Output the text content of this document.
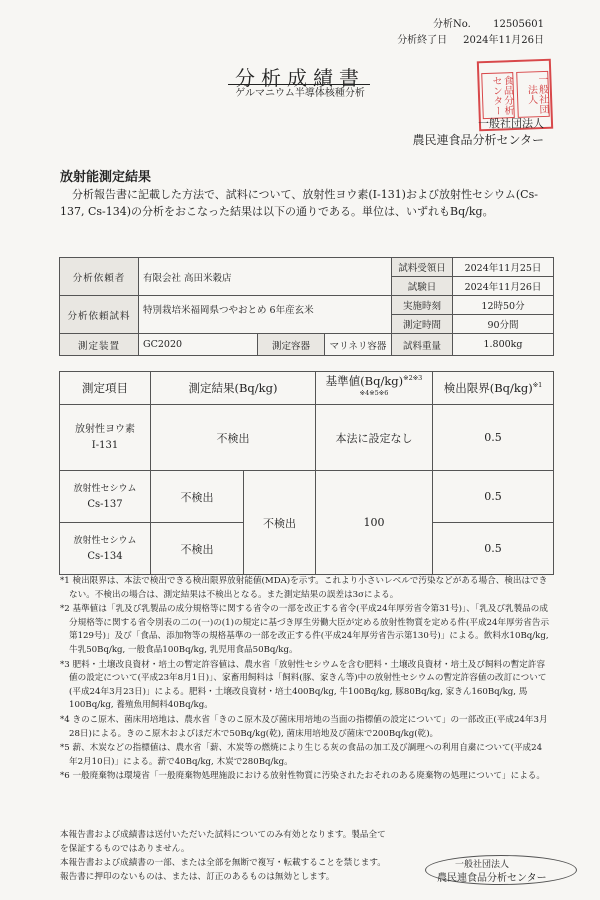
分析No. 12505601
分析終了日 2024年11月26日
分析成績書
ゲルマニウム半導体核種分析	食品分析センター	一般社団法人
一般社団法人
農民連食品分析センター
放射能測定結果
分析報告書に記載した方法で、試料について、放射性ヨウ素(I-131)および放射性セシウム(Cs-137, Cs-134)の分析をおこなった結果は以下の通りである。単位は、いずれもBq/kg。
分析依頼者	有限会社 高田米穀店			試料受領日	2024年11月25日
				試験日	2024年11月26日
分析依頼試料	特別栽培米福岡県つやおとめ 6年産玄米			実施時刻	12時50分
				測定時間	90分間
測定装置	GC2020	測定容器	マリネリ容器	試料重量	1.800kg
測定項目	測定結果(Bq/kg)		基準値$(Bq/kg)^{※2※3 ※4※5※6}$	検出限界$(Bq/kg)^{※1}$

放射性ヨウ素
I-131	不検出		本法に設定なし	0.5

放射性セシウム
Cs-137	不検出	不検出	100	0.5

放射性セシウム
Cs-134	不検出			0.5

*1 検出限界は、本法で検出できる検出限界放射能値(MDA)を示す。これより小さいレベルで汚染などがある場合、検出はできない。不検出の場合は、測定結果は不検出となる。また測定結果の誤差は3σによる。

*2 基準値は「乳及び乳製品の成分規格等に関する省令の一部を改正する省令(平成24年厚労省令第31号)」、「乳及び乳製品の成分規格等に関する省令別表の二の(一)の(1)の規定に基づき厚生労働大臣が定める放射性物質を定める件(平成24年厚労省告示第129号)」及び「食品、添加物等の規格基準の一部を改正する件(平成24年厚労省告示第130号)」による。飲料水10Bq/kg, 牛乳50Bq/kg, 一般食品100Bq/kg, 乳児用食品50Bq/kg。

*3 肥料・土壌改良資材・培土の暫定許容値は、農水省「放射性セシウムを含む肥料・土壌改良資材・培土及び飼料の暫定許容値の設定について(平成23年8月1日)」、家畜用飼料は「飼料(豚、家きん等)中の放射性セシウムの暫定許容値の改訂について(平成24年3月23日)」による。肥料・土壌改良資材・培土400Bq/kg, 牛100Bq/kg, 豚80Bq/kg, 家きん160Bq/kg, 馬100Bq/kg, 養殖魚用飼料40Bq/kg。

*4 きのこ原木、菌床用培地は、農水省「きのこ原木及び菌床用培地の当面の指標値の設定について」の一部改正(平成24年3月28日)による。きのこ原木およびほだ木で50Bq/kg(乾), 菌床用培地及び菌床で200Bq/kg(乾)。

*5 薪、木炭などの指標値は、農水省「薪、木炭等の燃焼により生じる灰の食品の加工及び調理への利用自粛について(平成24年2月10日)」による。薪で40Bq/kg, 木炭で280Bq/kg。

*6 一般廃棄物は環境省「一般廃棄物処理施設における放射性物質に汚染されたおそれのある廃棄物の処理について」による。

本報告書および成績書は送付いただいた試料についてのみ有効となります。製品全てを保証するものではありません。

本報告書および成績書の一部、または全部を無断で複写・転載することを禁じます。

報告書に押印のないものは、または、訂正のあるものは無効とします。

一般社団法人
農民連食品分析センター
